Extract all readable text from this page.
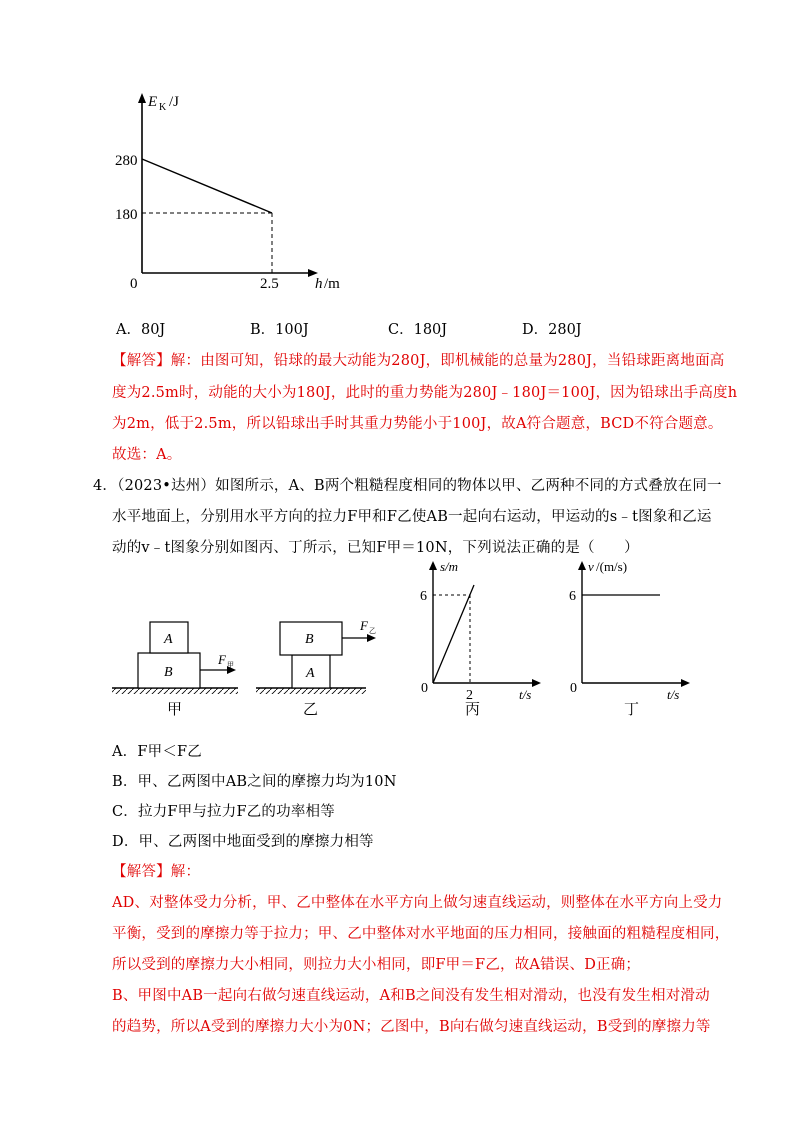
E K /J
280
180
0	2.5 h /m
A．80J	B．100J	C．180J	D．280J
【解答】解：由图可知，铅球的最大动能为280J，即机械能的总量为280J，当铅球距离地面高
度为2.5m时，动能的大小为180J，此时的重力势能为280J﹣180J＝100J，因为铅球出手高度h
为2m，低于2.5m，所以铅球出手时其重力势能小于100J，故A符合题意，BCD不符合题意。
故选：A。
4．（2023•达州）如图所示，A、B两个粗糙程度相同的物体以甲、乙两种不同的方式叠放在同一
水平地面上，分别用水平方向的拉力F甲和F乙使AB一起向右运动，甲运动的s﹣t图象和乙运
动的v﹣t图象分别如图丙、丁所示，已知F甲＝10N，下列说法正确的是（　　）
A
B
F 甲
甲
B
A
F 乙
乙
s/m
6
0	2	t/s
丙
v /(m/s)
6
0	t/s
丁
A．F甲＜F乙
B．甲、乙两图中AB之间的摩擦力均为10N
C．拉力F甲与拉力F乙的功率相等
D．甲、乙两图中地面受到的摩擦力相等
【解答】解：
AD、对整体受力分析，甲、乙中整体在水平方向上做匀速直线运动，则整体在水平方向上受力
平衡，受到的摩擦力等于拉力；甲、乙中整体对水平地面的压力相同，接触面的粗糙程度相同，
所以受到的摩擦力大小相同，则拉力大小相同，即F甲＝F乙，故A错误、D正确；
B、甲图中AB一起向右做匀速直线运动，A和B之间没有发生相对滑动，也没有发生相对滑动
的趋势，所以A受到的摩擦力大小为0N；乙图中，B向右做匀速直线运动，B受到的摩擦力等
